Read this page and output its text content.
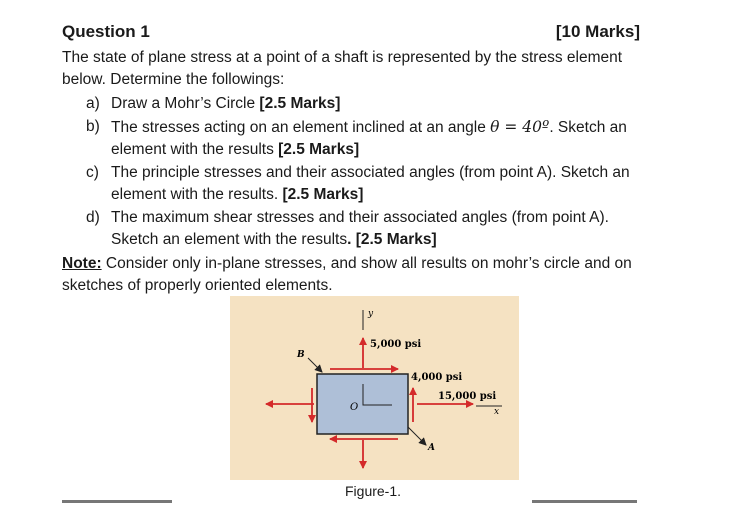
Question 1	[10 Marks]
The state of plane stress at a point of a shaft is represented by the stress element
below. Determine the followings:
a) Draw a Mohr’s Circle [2.5 Marks]
b) The stresses acting on an element inclined at an angle θ = 40º. Sketch an
element with the results [2.5 Marks]
c) The principle stresses and their associated angles (from point A). Sketch an
element with the results. [2.5 Marks]
d) The maximum shear stresses and their associated angles (from point A).
Sketch an element with the results. [2.5 Marks]
Note: Consider only in-plane stresses, and show all results on mohr’s circle and on
sketches of properly oriented elements.
y
B
5,000 psi
O
4,000 psi
15,000 psi
x
A
Figure-1.
